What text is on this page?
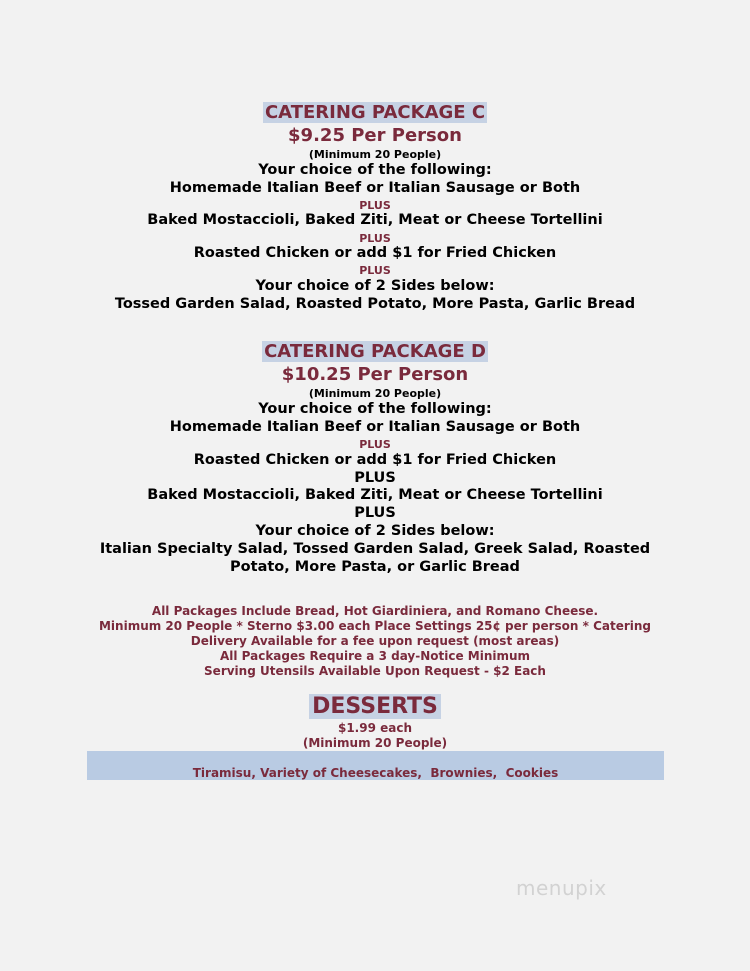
CATERING PACKAGE C
$9.25 Per Person
(Minimum 20 People)
Your choice of the following:
Homemade Italian Beef or Italian Sausage or Both
PLUS
Baked Mostaccioli, Baked Ziti, Meat or Cheese Tortellini
PLUS
Roasted Chicken or add $1 for Fried Chicken
PLUS
Your choice of 2 Sides below:
Tossed Garden Salad, Roasted Potato, More Pasta, Garlic Bread
CATERING PACKAGE D
$10.25 Per Person
(Minimum 20 People)
Your choice of the following:
Homemade Italian Beef or Italian Sausage or Both
PLUS
Roasted Chicken or add $1 for Fried Chicken
PLUS
Baked Mostaccioli, Baked Ziti, Meat or Cheese Tortellini
PLUS
Your choice of 2 Sides below:
Italian Specialty Salad, Tossed Garden Salad, Greek Salad, Roasted
Potato, More Pasta, or Garlic Bread
All Packages Include Bread, Hot Giardiniera, and Romano Cheese.
Minimum 20 People * Sterno $3.00 each Place Settings 25¢ per person * Catering
Delivery Available for a fee upon request (most areas)
All Packages Require a 3 day-Notice Minimum
Serving Utensils Available Upon Request - $2 Each
DESSERTS
$1.99 each
(Minimum 20 People)
Tiramisu, Variety of Cheesecakes,  Brownies,  Cookies
menupix
